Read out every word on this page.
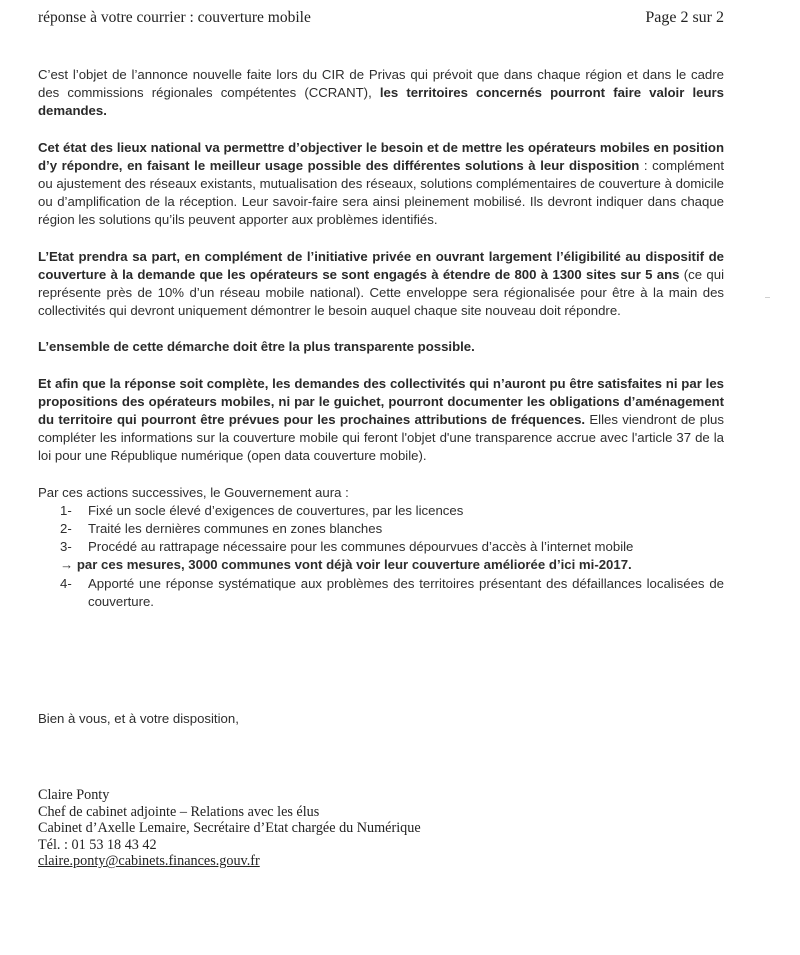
réponse à votre courrier : couverture mobile	Page 2 sur 2

C’est l’objet de l’annonce nouvelle faite lors du CIR de Privas qui prévoit que dans chaque région et dans le cadre des commissions régionales compétentes (CCRANT), les territoires concernés pourront faire valoir leurs demandes.

Cet état des lieux national va permettre d’objectiver le besoin et de mettre les opérateurs mobiles en position d’y répondre, en faisant le meilleur usage possible des différentes solutions à leur disposition : complément ou ajustement des réseaux existants, mutualisation des réseaux, solutions complémentaires de couverture à domicile ou d’amplification de la réception. Leur savoir-faire sera ainsi pleinement mobilisé. Ils devront indiquer dans chaque région les solutions qu’ils peuvent apporter aux problèmes identifiés.

L’Etat prendra sa part, en complément de l’initiative privée en ouvrant largement l’éligibilité au dispositif de couverture à la demande que les opérateurs se sont engagés à étendre de 800 à 1300 sites sur 5 ans (ce qui représente près de 10% d’un réseau mobile national). Cette enveloppe sera régionalisée pour être à la main des collectivités qui devront uniquement démontrer le besoin auquel chaque site nouveau doit répondre.

L’ensemble de cette démarche doit être la plus transparente possible.

Et afin que la réponse soit complète, les demandes des collectivités qui n’auront pu être satisfaites ni par les propositions des opérateurs mobiles, ni par le guichet, pourront documenter les obligations d’aménagement du territoire qui pourront être prévues pour les prochaines attributions de fréquences. Elles viendront de plus compléter les informations sur la couverture mobile qui feront l'objet d'une transparence accrue avec l'article 37 de la loi pour une République numérique (open data couverture mobile).

Par ces actions successives, le Gouvernement aura :

1- Fixé un socle élevé d’exigences de couvertures, par les licences
2- Traité les dernières communes en zones blanches
3- Procédé au rattrapage nécessaire pour les communes dépourvues d’accès à l’internet mobile
→ par ces mesures, 3000 communes vont déjà voir leur couverture améliorée d’ici mi-2017.
4- Apporté une réponse systématique aux problèmes des territoires présentant des défaillances localisées de couverture.
Bien à vous, et à votre disposition,
Claire Ponty
Chef de cabinet adjointe – Relations avec les élus
Cabinet d’Axelle Lemaire, Secrétaire d’Etat chargée du Numérique
Tél. : 01 53 18 43 42
claire.ponty@cabinets.finances.gouv.fr
